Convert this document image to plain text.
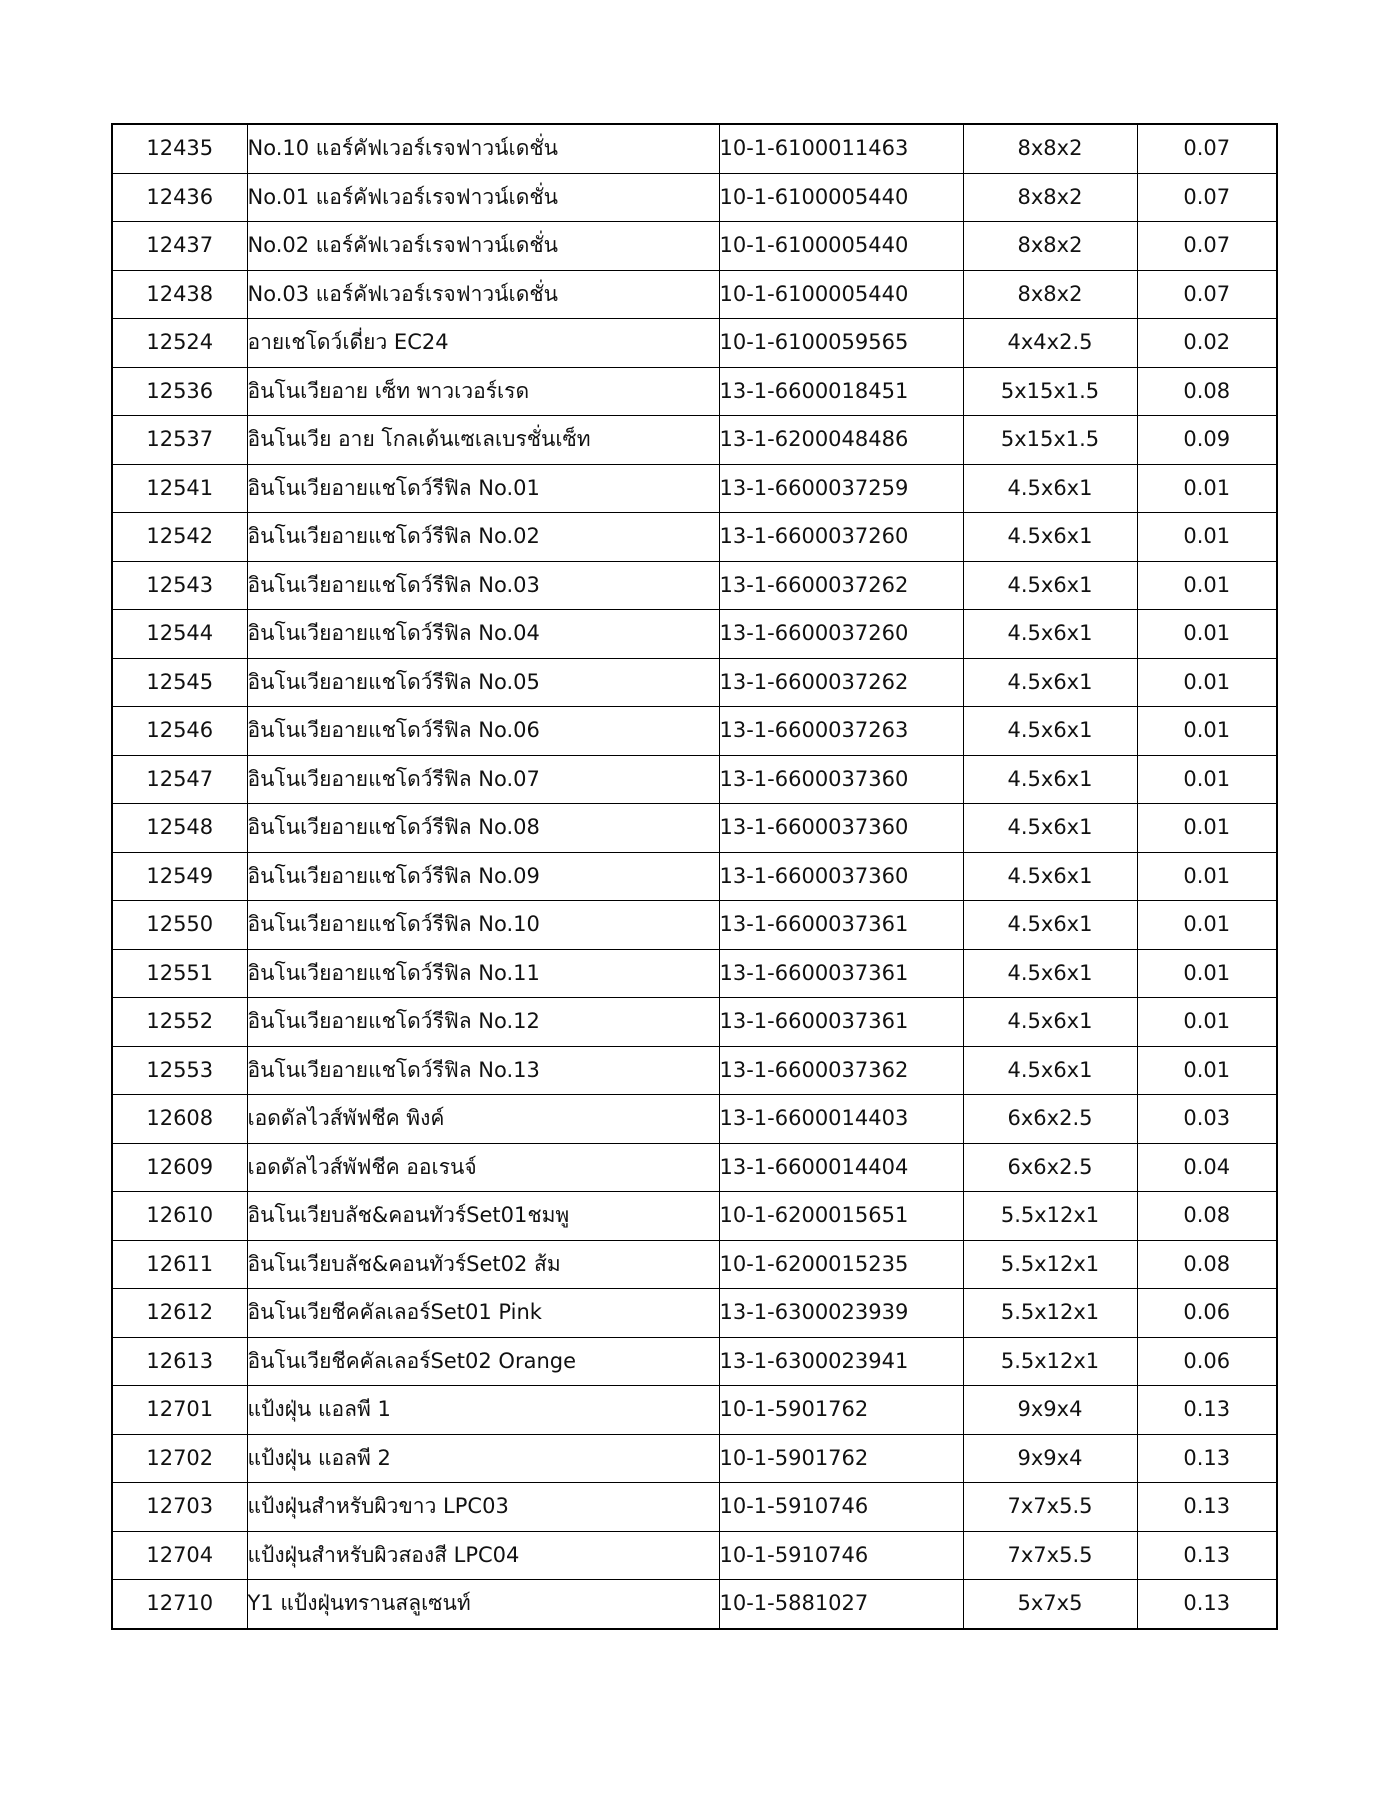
12435	No.10 แอร์คัฟเวอร์เรจฟาวน์เดชั่น	10-1-6100011463	8x8x2	0.07
12436	No.01 แอร์คัฟเวอร์เรจฟาวน์เดชั่น	10-1-6100005440	8x8x2	0.07
12437	No.02 แอร์คัฟเวอร์เรจฟาวน์เดชั่น	10-1-6100005440	8x8x2	0.07
12438	No.03 แอร์คัฟเวอร์เรจฟาวน์เดชั่น	10-1-6100005440	8x8x2	0.07
12524	อายเชโดว์เดี่ยว EC24	10-1-6100059565	4x4x2.5	0.02
12536	อินโนเวียอาย เซ็ท พาวเวอร์เรด	13-1-6600018451	5x15x1.5	0.08
12537	อินโนเวีย อาย โกลเด้นเซเลเบรชั่นเซ็ท	13-1-6200048486	5x15x1.5	0.09
12541	อินโนเวียอายแชโดว์รีฟิล No.01	13-1-6600037259	4.5x6x1	0.01
12542	อินโนเวียอายแชโดว์รีฟิล No.02	13-1-6600037260	4.5x6x1	0.01
12543	อินโนเวียอายแชโดว์รีฟิล No.03	13-1-6600037262	4.5x6x1	0.01
12544	อินโนเวียอายแชโดว์รีฟิล No.04	13-1-6600037260	4.5x6x1	0.01
12545	อินโนเวียอายแชโดว์รีฟิล No.05	13-1-6600037262	4.5x6x1	0.01
12546	อินโนเวียอายแชโดว์รีฟิล No.06	13-1-6600037263	4.5x6x1	0.01
12547	อินโนเวียอายแชโดว์รีฟิล No.07	13-1-6600037360	4.5x6x1	0.01
12548	อินโนเวียอายแชโดว์รีฟิล No.08	13-1-6600037360	4.5x6x1	0.01
12549	อินโนเวียอายแชโดว์รีฟิล No.09	13-1-6600037360	4.5x6x1	0.01
12550	อินโนเวียอายแชโดว์รีฟิล No.10	13-1-6600037361	4.5x6x1	0.01
12551	อินโนเวียอายแชโดว์รีฟิล No.11	13-1-6600037361	4.5x6x1	0.01
12552	อินโนเวียอายแชโดว์รีฟิล No.12	13-1-6600037361	4.5x6x1	0.01
12553	อินโนเวียอายแชโดว์รีฟิล No.13	13-1-6600037362	4.5x6x1	0.01
12608	เอดดัลไวส์พัฟชีค พิงค์	13-1-6600014403	6x6x2.5	0.03
12609	เอดดัลไวส์พัฟชีค ออเรนจ์	13-1-6600014404	6x6x2.5	0.04
12610	อินโนเวียบลัช&คอนทัวร์Set01ชมพู	10-1-6200015651	5.5x12x1	0.08
12611	อินโนเวียบลัช&คอนทัวร์Set02 ส้ม	10-1-6200015235	5.5x12x1	0.08
12612	อินโนเวียชีคคัลเลอร์Set01 Pink	13-1-6300023939	5.5x12x1	0.06
12613	อินโนเวียชีคคัลเลอร์Set02 Orange	13-1-6300023941	5.5x12x1	0.06
12701	แป้งฝุ่น แอลพี 1	10-1-5901762	9x9x4	0.13
12702	แป้งฝุ่น แอลพี 2	10-1-5901762	9x9x4	0.13
12703	แป้งฝุ่นสำหรับผิวขาว LPC03	10-1-5910746	7x7x5.5	0.13
12704	แป้งฝุ่นสำหรับผิวสองสี LPC04	10-1-5910746	7x7x5.5	0.13
12710	Y1 แป้งฝุ่นทรานสลูเซนท์	10-1-5881027	5x7x5	0.13
